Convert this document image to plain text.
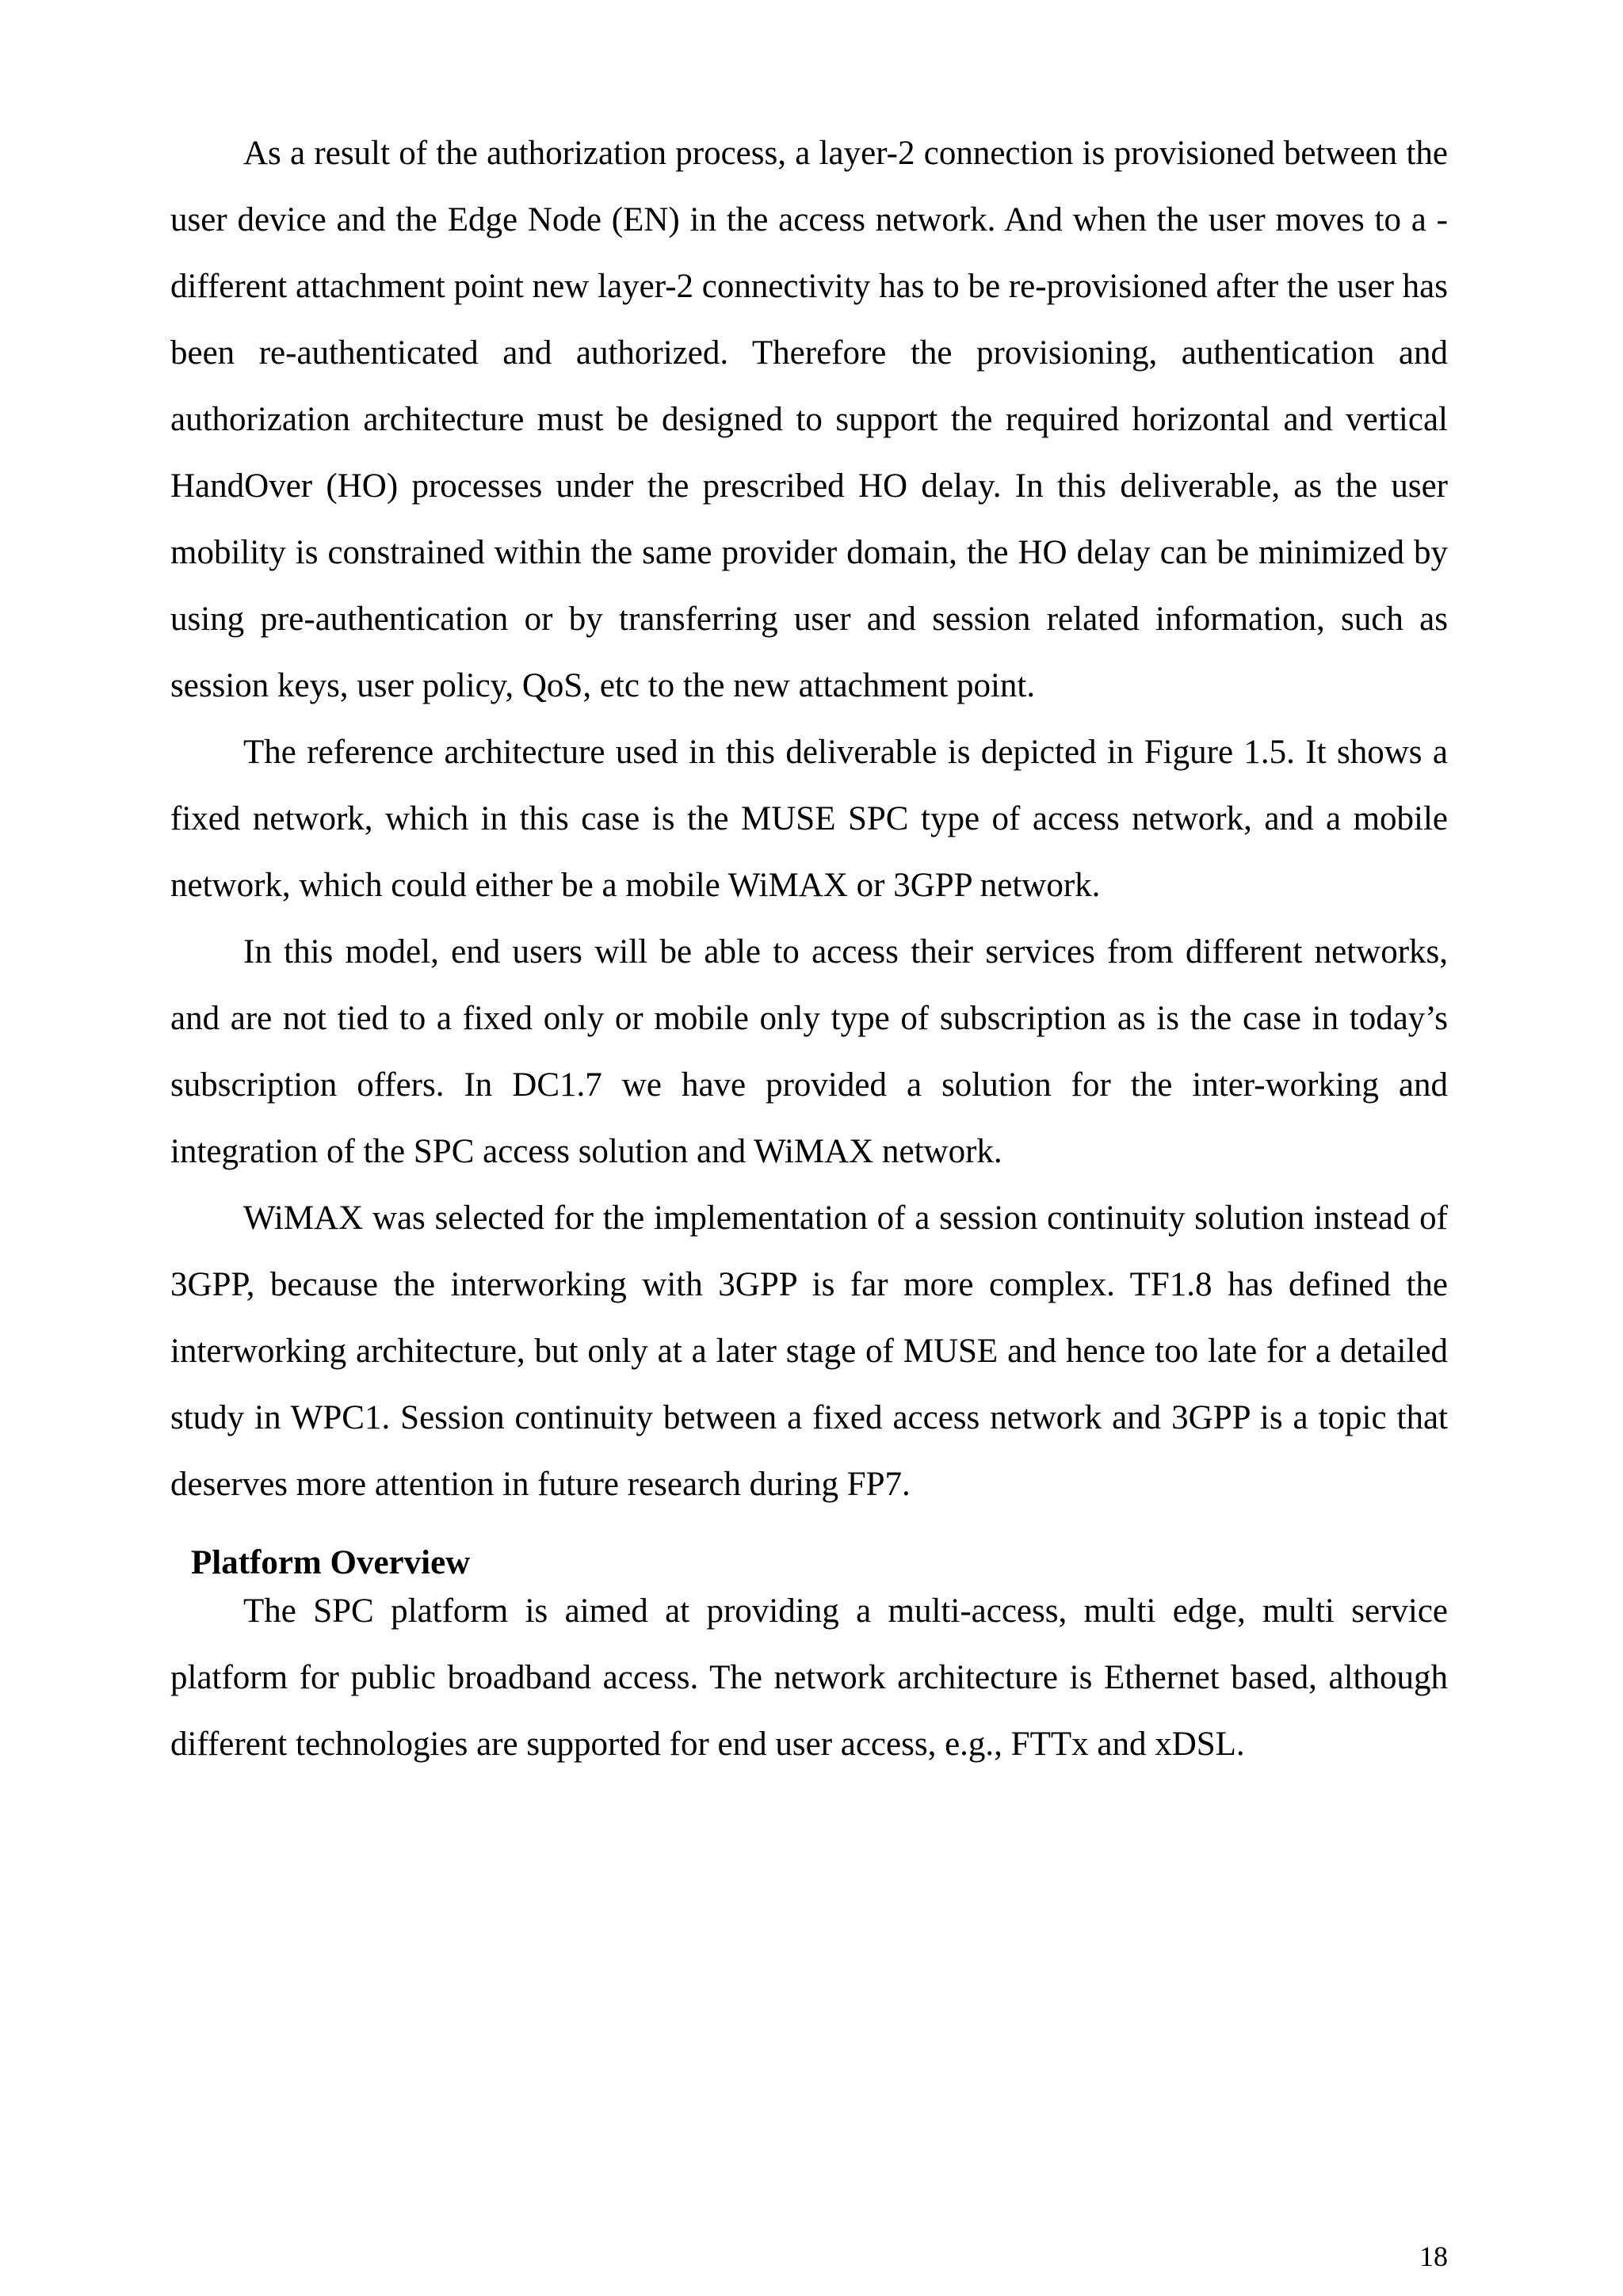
As a result of the authorization process, a layer-2 connection is provisioned between the user device and the Edge Node (EN) in the access network. And when the user moves to a -different attachment point new layer-2 connectivity has to be re-provisioned after the user has been re-authenticated and authorized. Therefore the provisioning, authentication and authorization architecture must be designed to support the required horizontal and vertical HandOver (HO) processes under the prescribed HO delay. In this deliverable, as the user mobility is constrained within the same provider domain, the HO delay can be minimized by using pre-authentication or by transferring user and session related information, such as session keys, user policy, QoS, etc to the new attachment point.

The reference architecture used in this deliverable is depicted in Figure 1.5. It shows a fixed network, which in this case is the MUSE SPC type of access network, and a mobile network, which could either be a mobile WiMAX or 3GPP network.

In this model, end users will be able to access their services from different networks, and are not tied to a fixed only or mobile only type of subscription as is the case in today’s subscription offers. In DC1.7 we have provided a solution for the inter-working and integration of the SPC access solution and WiMAX network.

WiMAX was selected for the implementation of a session continuity solution instead of 3GPP, because the interworking with 3GPP is far more complex. TF1.8 has defined the interworking architecture, but only at a later stage of MUSE and hence too late for a detailed study in WPC1. Session continuity between a fixed access network and 3GPP is a topic that deserves more attention in future research during FP7.

Platform Overview

The SPC platform is aimed at providing a multi-access, multi edge, multi service platform for public broadband access. The network architecture is Ethernet based, although different technologies are supported for end user access, e.g., FTTx and xDSL.

18
